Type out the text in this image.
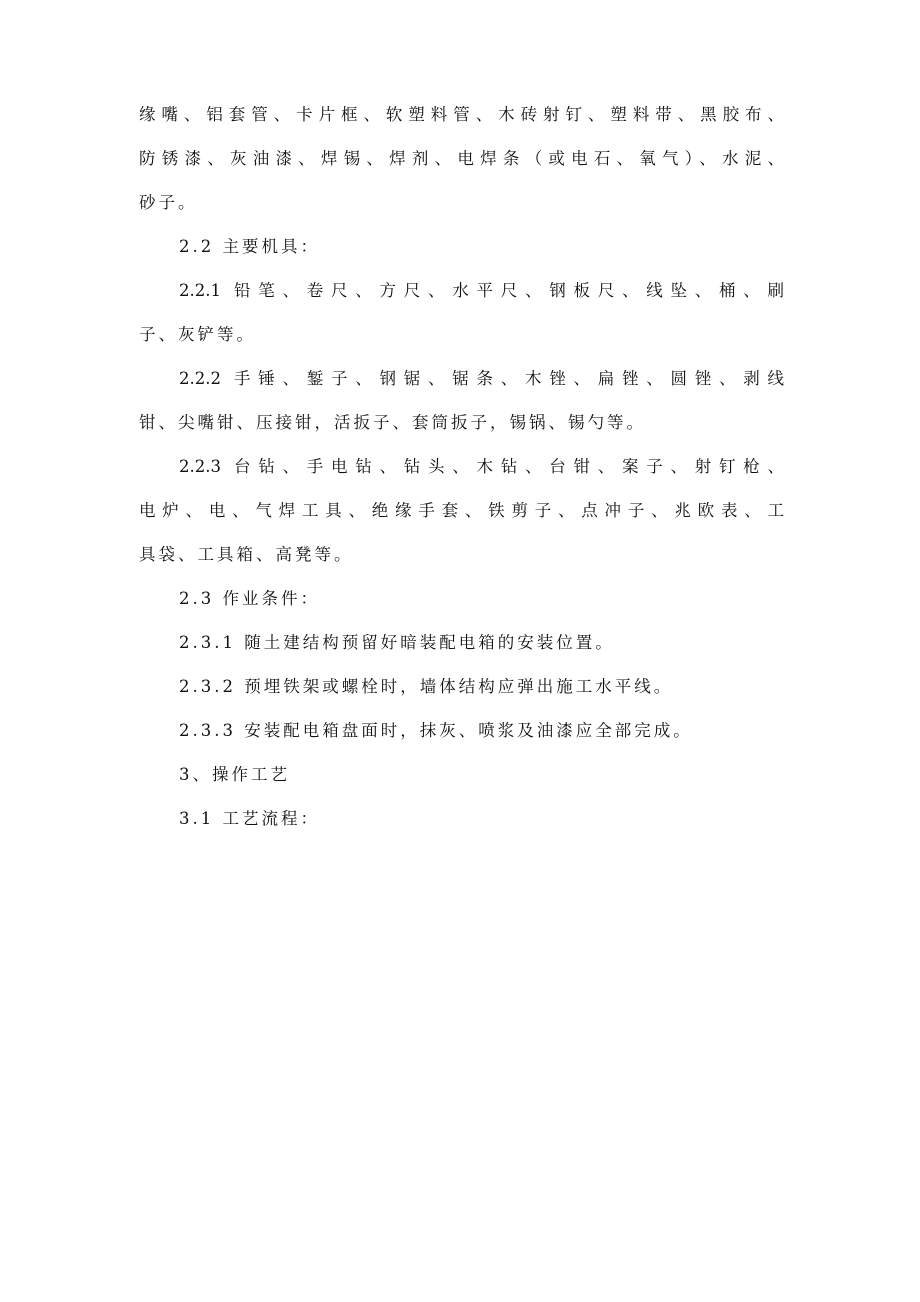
缘嘴、铝套管、卡片框、软塑料管、木砖射钉、塑料带、黑胶布、
防锈漆、灰油漆、焊锡、焊剂、电焊条（或电石、氧气）、水泥、
砂子。
2.2 主要机具：
2.2.1 铅笔、卷尺、方尺、水平尺、钢板尺、线坠、桶、刷
子、灰铲等。
2.2.2 手锤、錾子、钢锯、锯条、木锉、扁锉、圆锉、剥线
钳、尖嘴钳、压接钳，活扳子、套筒扳子，锡锅、锡勺等。
2.2.3 台钻、手电钻、钻头、木钻、台钳、案子、射钉枪、
电炉、电、气焊工具、绝缘手套、铁剪子、点冲子、兆欧表、工
具袋、工具箱、高凳等。
2.3 作业条件：
2.3.1 随土建结构预留好暗装配电箱的安装位置。
2.3.2 预埋铁架或螺栓时，墙体结构应弹出施工水平线。
2.3.3 安装配电箱盘面时，抹灰、喷浆及油漆应全部完成。
3、操作工艺
3.1 工艺流程：
